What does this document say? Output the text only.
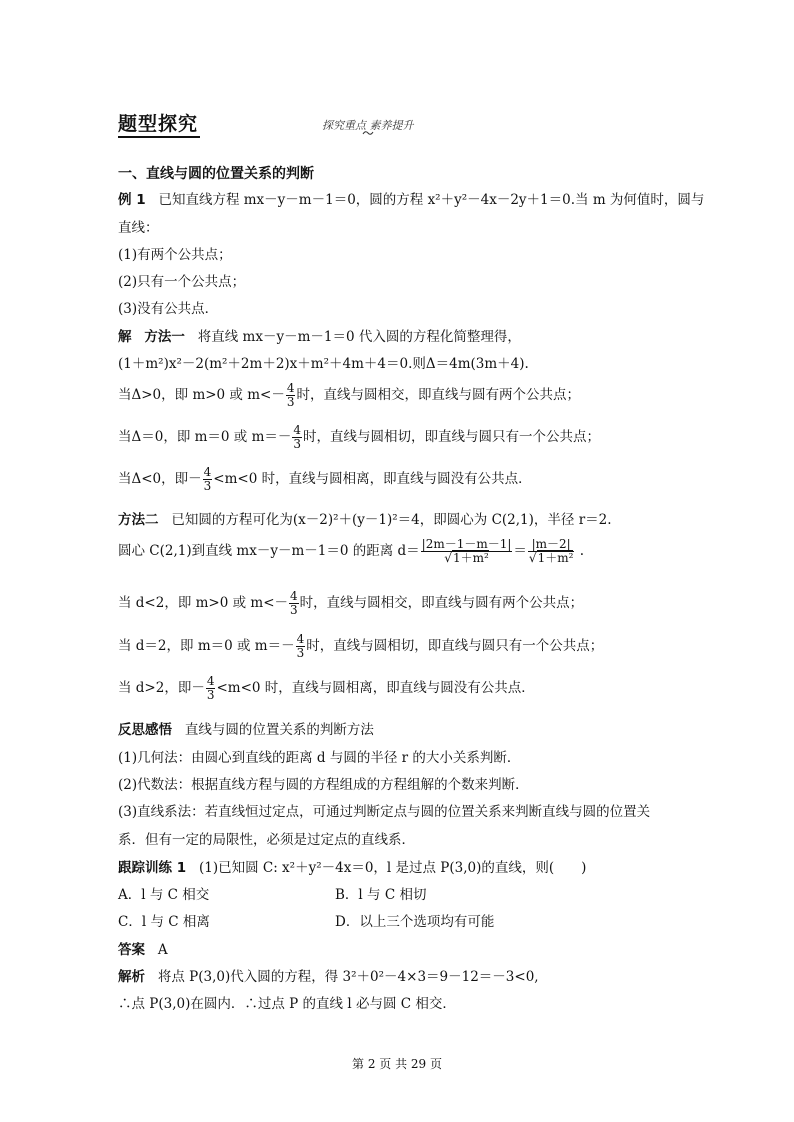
题型探究	探究重点 素养提升
一、直线与圆的位置关系的判断
例 1 已知直线方程 mx－y－m－1＝0，圆的方程 x²＋y²－4x－2y＋1＝0.当 m 为何值时，圆与
直线：
(1)有两个公共点；
(2)只有一个公共点；
(3)没有公共点．
解 方法一 将直线 mx－y－m－1＝0 代入圆的方程化简整理得，
(1＋m²)x²－2(m²＋2m＋2)x＋m²＋4m＋4＝0.则Δ＝4m(3m＋4).
当Δ>0，即 m>0 或 $m<- \frac{4}{3}$ 时，直线与圆相交，即直线与圆有两个公共点；
当Δ＝0，即 m＝0 或 $m=- \frac{4}{3}$ 时，直线与圆相切，即直线与圆只有一个公共点；
当Δ<0，即－ $\frac{4}{3} <m<0$ 时，直线与圆相离，即直线与圆没有公共点．
方法二 已知圆的方程可化为(x－2)²＋(y－1)²＝4，即圆心为 C(2,1)，半径 r＝2.
圆心 C(2,1)到直线 mx－y－m－1＝0 的距离 $d= \frac{|2m-1-m-1|}{\text{√1＋m²}} = \frac{|m-2|}{\text{√1＋m²}}$ .
当 d<2，即 m>0 或 $m<- \frac{4}{3}$ 时，直线与圆相交，即直线与圆有两个公共点；
当 d＝2，即 m＝0 或 $m=- \frac{4}{3}$ 时，直线与圆相切，即直线与圆只有一个公共点；
当 d>2，即－ $\frac{4}{3} <m<0$ 时，直线与圆相离，即直线与圆没有公共点．
反思感悟 直线与圆的位置关系的判断方法
(1)几何法：由圆心到直线的距离 d 与圆的半径 r 的大小关系判断．
(2)代数法：根据直线方程与圆的方程组成的方程组解的个数来判断．
(3)直线系法：若直线恒过定点，可通过判断定点与圆的位置关系来判断直线与圆的位置关
系．但有一定的局限性，必须是过定点的直线系．
跟踪训练 1 (1)已知圆 C: x²＋y²－4x＝0，l 是过点 P(3,0)的直线，则(　　)
A．l 与 C 相交	B．l 与 C 相切
C．l 与 C 相离	D．以上三个选项均有可能
答案 A
解析 将点 P(3,0)代入圆的方程，得 3²＋0²－4×3＝9－12＝－3<0,
∴点 P(3,0)在圆内．∴过点 P 的直线 l 必与圆 C 相交．
第 2 页 共 29 页
